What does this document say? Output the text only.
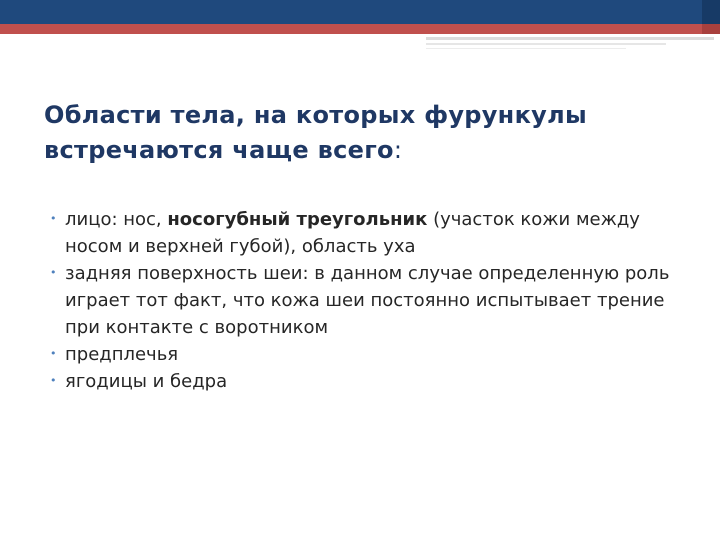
Области тела, на которых фурункулы встречаются чаще всего:
• лицо: нос, носогубный треугольник (участок кожи между носом и верхней губой), область уха
• задняя поверхность шеи: в данном случае определенную роль играет тот факт, что кожа шеи постоянно испытывает трение при контакте с воротником
• предплечья
• ягодицы и бедра
